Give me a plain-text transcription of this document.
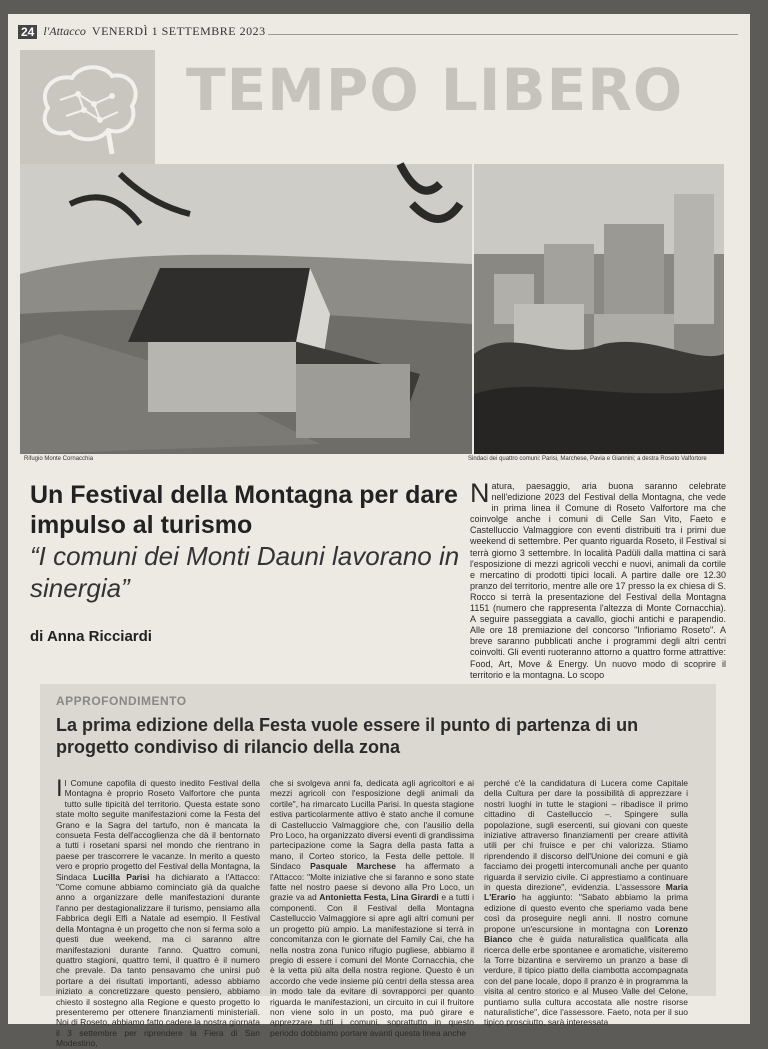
24 l'Attacco VENERDÌ 1 SETTEMBRE 2023
TEMPO LIBERO
Rifugio Monte Cornacchia	Sindaci dei quattro comuni: Parisi, Marchese, Pavia e Giannini; a destra Roseto Valfortore
Un Festival della Montagna per dare impulso al turismo
“I comuni dei Monti Dauni lavorano in sinergia”
di Anna Ricciardi
Natura, paesaggio, aria buona saranno celebrate nell'edizione 2023 del Festival della Montagna, che vede in prima linea il Comune di Roseto Valfortore ma che coinvolge anche i comuni di Celle San Vito, Faeto e Castelluccio Valmaggiore con eventi distribuiti tra i primi due weekend di settembre. Per quanto riguarda Roseto, il Festival si terrà giorno 3 settembre. In località Padüli dalla mattina ci sarà l'esposizione di mezzi agricoli vecchi e nuovi, animali da cortile e mercatino di prodotti tipici locali. A partire dalle ore 12.30 pranzo del territorio, mentre alle ore 17 presso la ex chiesa di S. Rocco si terrà la presentazione del Festival della Montagna 1151 (numero che rappresenta l'altezza di Monte Cornacchia). A seguire passeggiata a cavallo, giochi antichi e parapendio. Alle ore 18 premiazione del concorso "Infioriamo Roseto". A breve saranno pubblicati anche i programmi degli altri centri coinvolti. Gli eventi ruoteranno attorno a quattro forme attrattive: Food, Art, Move & Energy. Un nuovo modo di scoprire il territorio e la montagna. Lo scopo
APPROFONDIMENTO
La prima edizione della Festa vuole essere il punto di partenza di un progetto condiviso di rilancio della zona

Il Comune capofila di questo inedito Festival della Montagna è proprio Roseto Valfortore che punta tutto sulle tipicità del territorio. Questa estate sono state molto seguite manifestazioni come la Festa del Grano e la Sagra del tartufo, non è mancata la consueta Festa dell'accoglienza che dà il bentornato a tutti i rosetani sparsi nel mondo che rientrano in paese per trascorrere le vacanze. In merito a questo vero e proprio progetto del Festival della Montagna, la Sindaca Lucilla Parisi ha dichiarato a l'Attacco: "Come comune abbiamo cominciato già da qualche anno a organizzare delle manifestazioni durante l'anno per destagionalizzare il turismo, pensiamo alla Fabbrica degli Elfi a Natale ad esempio. Il Festival della Montagna è un progetto che non si ferma solo a questi due weekend, ma ci saranno altre manifestazioni durante l'anno. Quattro comuni, quattro stagioni, quattro temi, il quattro è il numero che prevale. Da tanto pensavamo che unirsi può portare a dei risultati importanti, adesso abbiamo iniziato a concretizzare questo pensiero, abbiamo chiesto il sostegno alla Regione e questo progetto lo presenteremo per ottenere finanziamenti ministeriali. Noi di Roseto, abbiamo fatto cadere la nostra giornata il 3 settembre per riprendere la Fiera di San Modestino,

che si svolgeva anni fa, dedicata agli agricoltori e ai mezzi agricoli con l'esposizione degli animali da cortile", ha rimarcato Lucilla Parisi. In questa stagione estiva particolarmente attivo è stato anche il comune di Castelluccio Valmaggiore che, con l'ausilio della Pro Loco, ha organizzato diversi eventi di grandissima partecipazione come la Sagra della pasta fatta a mano, il Corteo storico, la Festa delle pettole. Il Sindaco Pasquale Marchese ha affermato a l'Attacco: "Molte iniziative che si faranno e sono state fatte nel nostro paese si devono alla Pro Loco, un grazie va ad Antonietta Festa, Lina Girardi e a tutti i componenti. Con il Festival della Montagna Castelluccio Valmaggiore si apre agli altri comuni per un progetto più ampio. La manifestazione si terrà in concomitanza con le giornate del Family Cai, che ha nella nostra zona l'unico rifugio pugliese, abbiamo il pregio di essere i comuni del Monte Cornacchia, che è la vetta più alta della nostra regione. Questo è un accordo che vede insieme più centri della stessa area in modo tale da evitare di sovrapporci per quanto riguarda le manifestazioni, un circuito in cui il fruitore non viene solo in un posto, ma può girare e apprezzare tutti i comuni, soprattutto in questo periodo dobbiamo portare avanti questa linea anche

perché c'è la candidatura di Lucera come Capitale della Cultura per dare la possibilità di apprezzare i nostri luoghi in tutte le stagioni – ribadisce il primo cittadino di Castelluccio –. Spingere sulla popolazione, sugli esercenti, sui giovani con queste iniziative attraverso finanziamenti per creare attività utili per chi fruisce e per chi valorizza. Stiamo riprendendo il discorso dell'Unione dei comuni e già facciamo dei progetti intercomunali anche per quanto riguarda il servizio civile. Ci apprestiamo a continuare in questa direzione", evidenzia. L'assessore Maria L'Erario ha aggiunto: "Sabato abbiamo la prima edizione di questo evento che speriamo vada bene così da proseguire negli anni. Il nostro comune propone un'escursione in montagna con Lorenzo Bianco che è guida naturalistica qualificata alla ricerca delle erbe spontanee e aromatiche, visiteremo la Torre bizantina e serviremo un pranzo a base di verdure, il tipico piatto della ciambotta accompagnata con del pane locale, dopo il pranzo è in programma la visita al centro storico e al Museo Valle del Celone, puntiamo sulla cultura accostata alle nostre risorse naturalistiche", dice l'assessore. Faeto, nota per il suo tipico prosciutto, sarà interessata
